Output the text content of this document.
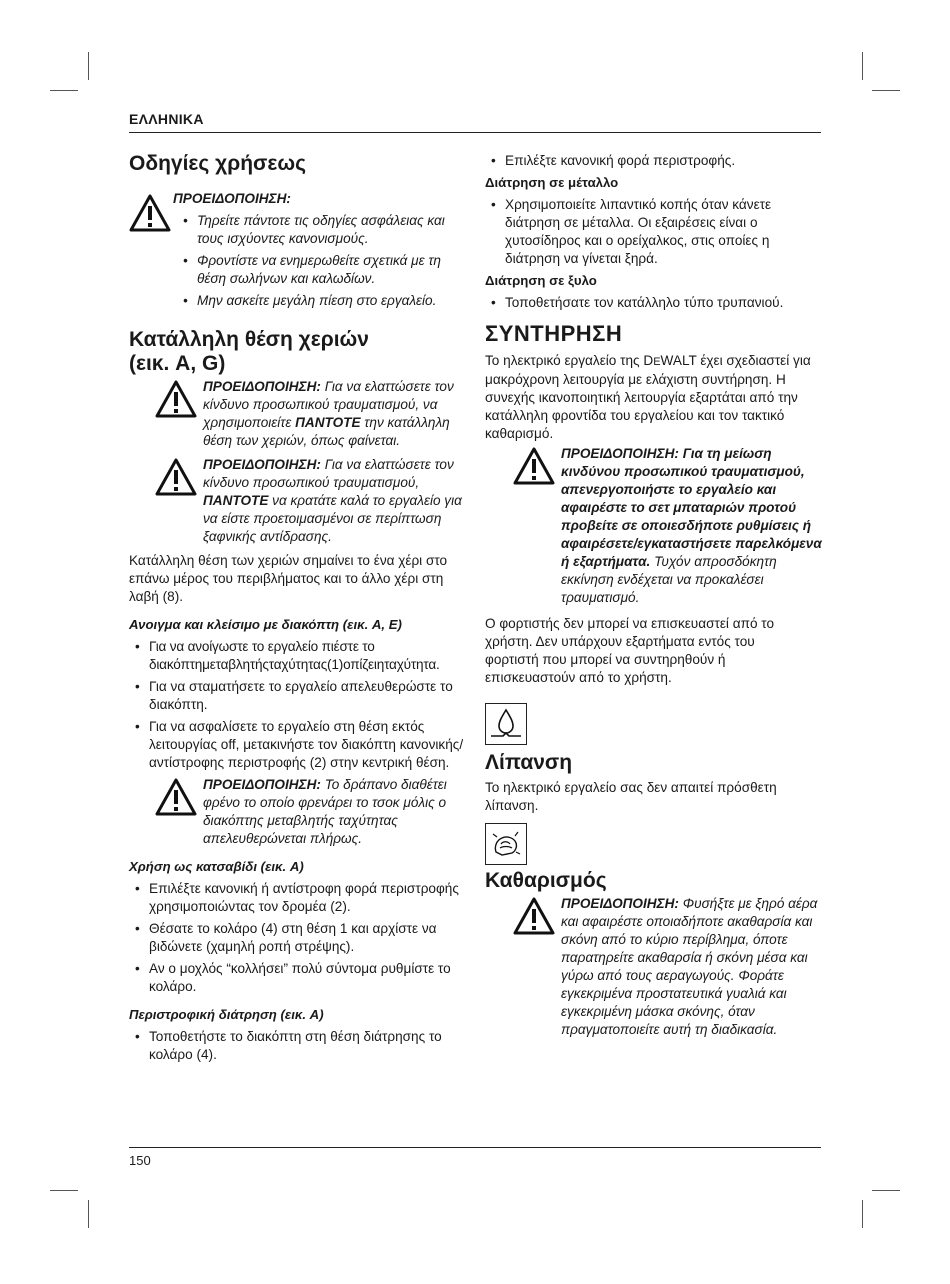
ΕΛΛΗΝΙΚΑ
150
Οδηγίες χρήσεως
ΠΡΟΕΙΔΟΠΟΙΗΣΗ:
• Τηρείτε πάντοτε τις οδηγίες ασφάλειας και τους ισχύοντες κανονισμούς.
• Φροντίστε να ενημερωθείτε σχετικά με τη θέση σωλήνων και καλωδίων.
• Μην ασκείτε μεγάλη πίεση στο εργαλείο.
Κατάλληλη θέση χεριών
(εικ. A, G)

ΠΡΟΕΙΔΟΠΟΙΗΣΗ: Για να ελαττώσετε τον κίνδυνο προσωπικού τραυματισμού, να χρησιμοποιείτε ΠΑΝΤΟΤΕ την κατάλληλη θέση των χεριών, όπως φαίνεται.

ΠΡΟΕΙΔΟΠΟΙΗΣΗ: Για να ελαττώσετε τον κίνδυνο προσωπικού τραυματισμού, ΠΑΝΤΟΤΕ να κρατάτε καλά το εργαλείο για να είστε προετοιμασμένοι σε περίπτωση ξαφνικής αντίδρασης.

Κατάλληλη θέση των χεριών σημαίνει το ένα χέρι στο επάνω μέρος του περιβλήματος και το άλλο χέρι στη λαβή (8).

Ανοιγμα και κλείσιμο με διακόπτη (εικ. A, E)

• Για να ανοίγωστε το εργαλείο πιέστε το διακόπτημεταβλητήςταχύτητας(1)οπίζειηταχύτητα.
• Για να σταματήσετε το εργαλείο απελευθερώστε το διακόπτη.
• Για να ασφαλίσετε το εργαλείο στη θέση εκτός λειτουργίας off, μετακινήστε τον διακόπτη κανονικής/αντίστροφης περιστροφής (2) στην κεντρική θέση.

ΠΡΟΕΙΔΟΠΟΙΗΣΗ: Το δράπανο διαθέτει φρένο το οποίο φρενάρει το τσοκ μόλις ο διακόπτης μεταβλητής ταχύτητας απελευθερώνεται πλήρως.

Χρήση ως κατσαβίδι (εικ. A)

• Επιλέξτε κανονική ή αντίστροφη φορά περιστροφής χρησιμοποιώντας τον δρομέα (2).
• Θέσατε το κολάρο (4) στη θέση 1 και αρχίστε να βιδώνετε (χαμηλή ροπή στρέψης).
• Αν ο μοχλός “κολλήσει” πολύ σύντομα ρυθμίστε το κολάρο.

Περιστροφική διάτρηση (εικ. A)

• Τοποθετήστε το διακόπτη στη θέση διάτρησης το κολάρο (4).
• Επιλέξτε κανονική φορά περιστροφής.

Διάτρηση σε μέταλλο

• Χρησιμοποιείτε λιπαντικό κοπής όταν κάνετε διάτρηση σε μέταλλα. Οι εξαιρέσεις είναι ο χυτοσίδηρος και ο ορείχαλκος, στις οποίες η διάτρηση να γίνεται ξηρά.

Διάτρηση σε ξυλο

• Τοποθετήσατε τον κατάλληλο τύπο τρυπανιού.
ΣΥΝΤΗΡΗΣΗ

Το ηλεκτρικό εργαλείο της DEWALT έχει σχεδιαστεί για μακρόχρονη λειτουργία με ελάχιστη συντήρηση. Η συνεχής ικανοποιητική λειτουργία εξαρτάται από την κατάλληλη φροντίδα του εργαλείου και τον τακτικό καθαρισμό.

ΠΡΟΕΙΔΟΠΟΙΗΣΗ: Για τη μείωση κινδύνου προσωπικού τραυματισμού, απενεργοποιήστε το εργαλείο και αφαιρέστε το σετ μπαταριών προτού προβείτε σε οποιεσδήποτε ρυθμίσεις ή αφαιρέσετε/εγκαταστήσετε παρελκόμενα ή εξαρτήματα. Τυχόν απροσδόκητη εκκίνηση ενδέχεται να προκαλέσει τραυματισμό.

Ο φορτιστής δεν μπορεί να επισκευαστεί από το χρήστη. Δεν υπάρχουν εξαρτήματα εντός του φορτιστή που μπορεί να συντηρηθούν ή επισκευαστούν από το χρήστη.

Λίπανση

Το ηλεκτρικό εργαλείο σας δεν απαιτεί πρόσθετη λίπανση.

Καθαρισμός

ΠΡΟΕΙΔΟΠΟΙΗΣΗ: Φυσήξτε με ξηρό αέρα και αφαιρέστε οποιαδήποτε ακαθαρσία και σκόνη από το κύριο περίβλημα, όποτε παρατηρείτε ακαθαρσία ή σκόνη μέσα και γύρω από τους αεραγωγούς. Φοράτε εγκεκριμένα προστατευτικά γυαλιά και εγκεκριμένη μάσκα σκόνης, όταν πραγματοποιείτε αυτή τη διαδικασία.
